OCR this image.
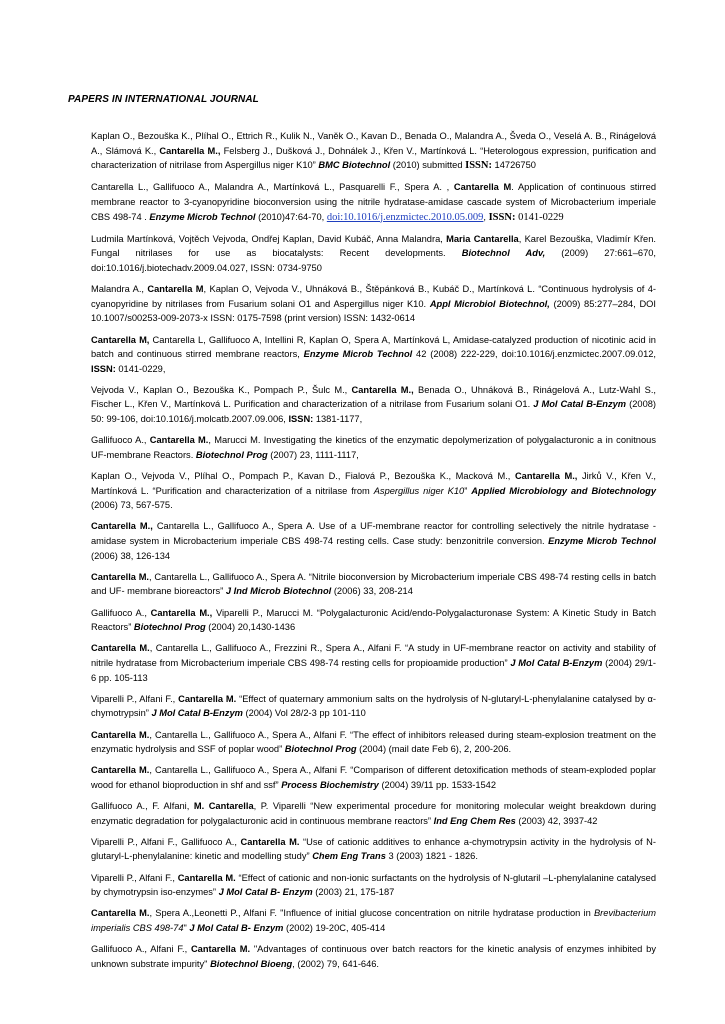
PAPERS IN INTERNATIONAL JOURNAL

Kaplan O., Bezouška K., Plíhal O., Ettrich R., Kulik N., Vaněk O., Kavan D., Benada O., Malandra A., Šveda O., Veselá A. B., Rinágelová A., Slámová K., Cantarella M., Felsberg J., Dušková J., Dohnálek J., Křen V., Martínková L. “Heterologous expression, purification and characterization of nitrilase from Aspergillus niger K10” BMC Biotechnol (2010) submitted ISSN: 14726750

Cantarella L., Gallifuoco A., Malandra A., Martínková L., Pasquarelli F., Spera A. , Cantarella M. Application of continuous stirred membrane reactor to 3-cyanopyridine bioconversion using the nitrile hydratase-amidase cascade system of Microbacterium imperiale CBS 498-74 . Enzyme Microb Technol (2010)47:64-70, doi:10.1016/j.enzmictec.2010.05.009, ISSN: 0141-0229

Ludmila Martínková, Vojtěch Vejvoda, Ondřej Kaplan, David Kubáč, Anna Malandra, Maria Cantarella, Karel Bezouška, Vladimír Křen. Fungal nitrilases for use as biocatalysts: Recent developments. Biotechnol Adv, (2009) 27:661–670, doi:10.1016/j.biotechadv.2009.04.027, ISSN: 0734-9750

Malandra A., Cantarella M, Kaplan O, Vejvoda V., Uhnáková B., Štěpánková B., Kubáč D., Martínková L. “Continuous hydrolysis of 4-cyanopyridine by nitrilases from Fusarium solani O1 and Aspergillus niger K10. Appl Microbiol Biotechnol, (2009) 85:277–284, DOI 10.1007/s00253-009-2073-x ISSN: 0175-7598 (print version) ISSN: 1432-0614

Cantarella M, Cantarella L, Gallifuoco A, Intellini R, Kaplan O, Spera A, Martínková L, Amidase-catalyzed production of nicotinic acid in batch and continuous stirred membrane reactors, Enzyme Microb Technol 42 (2008) 222-229, doi:10.1016/j.enzmictec.2007.09.012, ISSN: 0141-0229,

Vejvoda V., Kaplan O., Bezouška K., Pompach P., Šulc M., Cantarella M., Benada O., Uhnáková B., Rinágelová A., Lutz-Wahl S., Fischer L., Křen V., Martínková L. Purification and characterization of a nitrilase from Fusarium solani O1. J Mol Catal B-Enzym (2008) 50: 99-106, doi:10.1016/j.molcatb.2007.09.006, ISSN: 1381-1177,

Gallifuoco A., Cantarella M., Marucci M. Investigating the kinetics of the enzymatic depolymerization of polygalacturonic a in conitnous UF-membrane Reactors. Biotechnol Prog (2007) 23, 1111-1117,

Kaplan O., Vejvoda V., Plíhal O., Pompach P., Kavan D., Fialová P., Bezouška K., Macková M., Cantarella M., Jirků V., Křen V., Martínková L. “Purification and characterization of a nitrilase from Aspergillus niger K10” Applied Microbiology and Biotechnology (2006) 73, 567-575.

Cantarella M., Cantarella L., Gallifuoco A., Spera A. Use of a UF-membrane reactor for controlling selectively the nitrile hydratase - amidase system in Microbacterium imperiale CBS 498-74 resting cells. Case study: benzonitrile conversion. Enzyme Microb Technol (2006) 38, 126-134

Cantarella M., Cantarella L., Gallifuoco A., Spera A. “Nitrile bioconversion by Microbacterium imperiale CBS 498-74 resting cells in batch and UF- membrane bioreactors” J Ind Microb Biotechnol (2006) 33, 208-214

Gallifuoco A., Cantarella M., Viparelli P., Marucci M. “Polygalacturonic Acid/endo-Polygalacturonase System: A Kinetic Study in Batch Reactors” Biotechnol Prog (2004) 20,1430-1436

Cantarella M., Cantarella L., Gallifuoco A., Frezzini R., Spera A., Alfani F. “A study in UF-membrane reactor on activity and stability of nitrile hydratase from Microbacterium imperiale CBS 498-74 resting cells for propioamide production” J Mol Catal B-Enzym (2004) 29/1-6 pp. 105-113

Viparelli P., Alfani F., Cantarella M. “Effect of quaternary ammonium salts on the hydrolysis of N-glutaryl-L-phenylalanine catalysed by α-chymotrypsin” J Mol Catal B-Enzym (2004) Vol 28/2-3 pp 101-110

Cantarella M., Cantarella L., Gallifuoco A., Spera A., Alfani F. “The effect of inhibitors released during steam-explosion treatment on the enzymatic hydrolysis and SSF of poplar wood” Biotechnol Prog (2004) (mail date Feb 6), 2, 200-206.

Cantarella M., Cantarella L., Gallifuoco A., Spera A., Alfani F. “Comparison of different detoxification methods of steam-exploded poplar wood for ethanol bioproduction in shf and ssf” Process Biochemistry (2004) 39/11 pp. 1533-1542

Gallifuoco A., F. Alfani, M. Cantarella, P. Viparelli “New experimental procedure for monitoring molecular weight breakdown during enzymatic degradation for polygalacturonic acid in continuous membrane reactors” Ind Eng Chem Res (2003) 42, 3937-42

Viparelli P., Alfani F., Gallifuoco A., Cantarella M. “Use of cationic additives to enhance a-chymotrypsin activity in the hydrolysis of N-glutaryl-L-phenylalanine: kinetic and modelling study” Chem Eng Trans 3 (2003) 1821 - 1826.

Viparelli P., Alfani F., Cantarella M. “Effect of cationic and non-ionic surfactants on the hydrolysis of N-glutaril –L-phenylalanine catalysed by chymotrypsin iso-enzymes” J Mol Catal B- Enzym (2003) 21, 175-187

Cantarella M., Spera A.,Leonetti P., Alfani F. "Influence of initial glucose concentration on nitrile hydratase production in Brevibacterium imperialis CBS 498-74" J Mol Catal B- Enzym (2002) 19-20C, 405-414

Gallifuoco A., Alfani F., Cantarella M. "Advantages of continuous over batch reactors for the kinetic analysis of enzymes inhibited by unknown substrate impurity" Biotechnol Bioeng, (2002) 79, 641-646.
